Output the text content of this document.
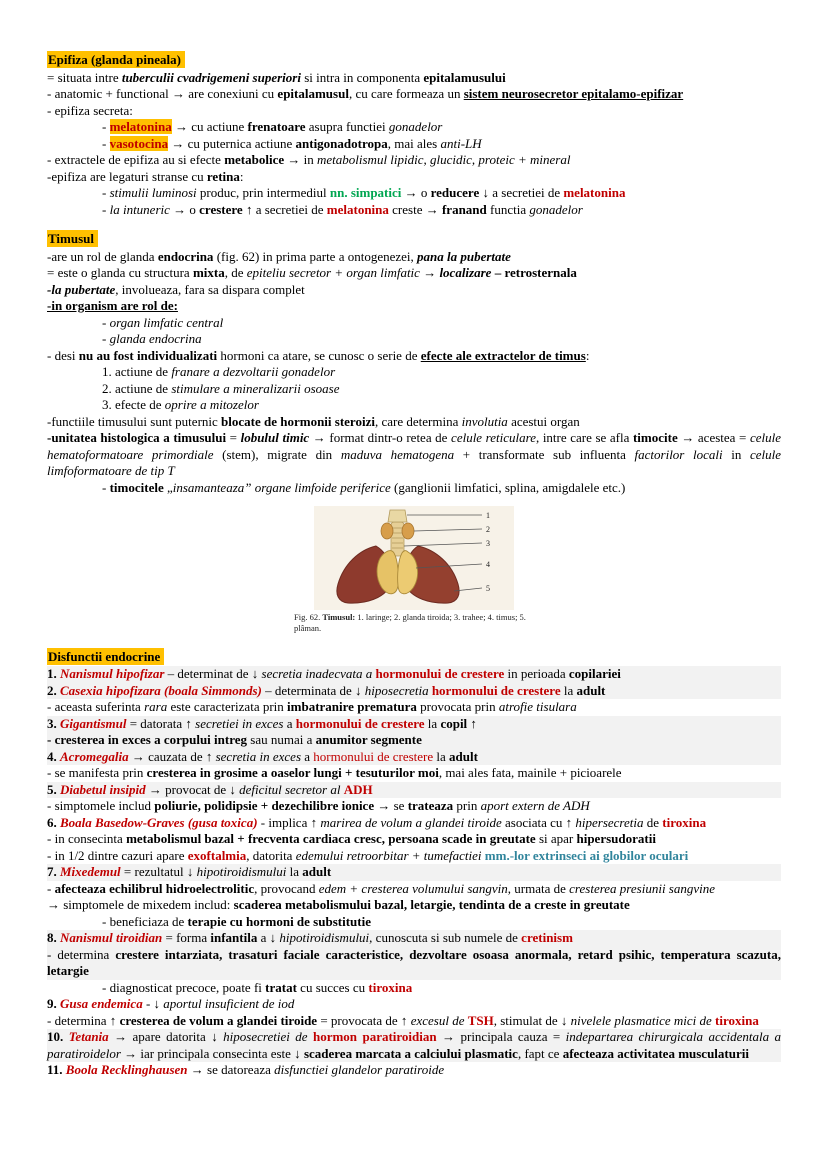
Epifiza (glanda pineala)
= situata intre tuberculii cvadrigemeni superiori si intra in componenta epitalamusului
- anatomic + functional → are conexiuni cu epitalamusul, cu care formeaza un sistem neurosecretor epitalamo-epifizar
- epifiza secreta:
- melatonina → cu actiune frenatoare asupra functiei gonadelor
- vasotocina → cu puternica actiune antigonadotropa, mai ales anti-LH
- extractele de epifiza au si efecte metabolice → in metabolismul lipidic, glucidic, proteic + mineral
-epifiza are legaturi stranse cu retina:
- stimulii luminosi produc, prin intermediul nn. simpatici → o reducere ↓ a secretiei de melatonina
- la intuneric → o crestere ↑ a secretiei de melatonina creste → franand functia gonadelor
Timusul
-are un rol de glanda endocrina (fig. 62) in prima parte a ontogenezei, pana la pubertate
= este o glanda cu structura mixta, de epiteliu secretor + organ limfatic → localizare – retrosternala
-la pubertate, involueaza, fara sa dispara complet
-in organism are rol de:
- organ limfatic central
- glanda endocrina
- desi nu au fost individualizati hormoni ca atare, se cunosc o serie de efecte ale extractelor de timus:
1. actiune de franare a dezvoltarii gonadelor
2. actiune de stimulare a mineralizarii osoase
3. efecte de oprire a mitozelor
-functiile timusului sunt puternic blocate de hormonii steroizi, care determina involutia acestui organ
-unitatea histologica a timusului = lobulul timic → format dintr-o retea de celule reticulare, intre care se afla timocite → acestea = celule hematoformatoare primordiale (stem), migrate din maduva hematogena + transformate sub influenta factorilor locali in celule limfoformatoare de tip T
- timocitele „insamanteaza” organe limfoide periferice (ganglionii limfatici, splina, amigdalele etc.)
1
2
3
4
5
Fig. 62. Timusul: 1. laringe; 2. glanda tiroida; 3. trahee; 4. timus; 5. plâman.
Disfunctii endocrine
1. Nanismul hipofizar – determinat de ↓ secretia inadecvata a hormonului de crestere in perioada copilariei
2. Casexia hipofizara (boala Simmonds) – determinata de ↓ hiposecretia hormonului de crestere la adult
- aceasta suferinta rara este caracterizata prin imbatranire prematura provocata prin atrofie tisulara
3. Gigantismul = datorata ↑ secretiei in exces a hormonului de crestere la copil ↑
- cresterea in exces a corpului intreg sau numai a anumitor segmente
4. Acromegalia → cauzata de ↑ secretia in exces a hormonului de crestere la adult
- se manifesta prin cresterea in grosime a oaselor lungi + tesuturilor moi, mai ales fata, mainile + picioarele
5. Diabetul insipid → provocat de ↓ deficitul secretor al ADH
- simptomele includ poliurie, polidipsie + dezechilibre ionice → se trateaza prin aport extern de ADH
6. Boala Basedow-Graves (gusa toxica) - implica ↑ marirea de volum a glandei tiroide asociata cu ↑ hipersecretia de tiroxina
- in consecinta metabolismul bazal + frecventa cardiaca cresc, persoana scade in greutate si apar hipersudoratii
- in 1/2 dintre cazuri apare exoftalmia, datorita edemului retroorbitar + tumefactiei mm.-lor extrinseci ai globilor oculari
7. Mixedemul = rezultatul ↓ hipotiroidismului la adult
- afecteaza echilibrul hidroelectrolitic, provocand edem + cresterea volumului sangvin, urmata de cresterea presiunii sangvine
→ simptomele de mixedem includ: scaderea metabolismului bazal, letargie, tendinta de a creste in greutate
- beneficiaza de terapie cu hormoni de substitutie
8. Nanismul tiroidian = forma infantila a ↓ hipotiroidismului, cunoscuta si sub numele de cretinism
- determina crestere intarziata, trasaturi faciale caracteristice, dezvoltare osoasa anormala, retard psihic, temperatura scazuta, letargie
- diagnosticat precoce, poate fi tratat cu succes cu tiroxina
9. Gusa endemica - ↓ aportul insuficient de iod
- determina ↑ cresterea de volum a glandei tiroide = provocata de ↑ excesul de TSH, stimulat de ↓ nivelele plasmatice mici de tiroxina
10. Tetania → apare datorita ↓ hiposecretiei de hormon paratiroidian → principala cauza = indepartarea chirurgicala accidentala a paratiroidelor → iar principala consecinta este ↓ scaderea marcata a calciului plasmatic, fapt ce afecteaza activitatea musculaturii
11. Boola Recklinghausen → se datoreaza disfunctiei glandelor paratiroide
